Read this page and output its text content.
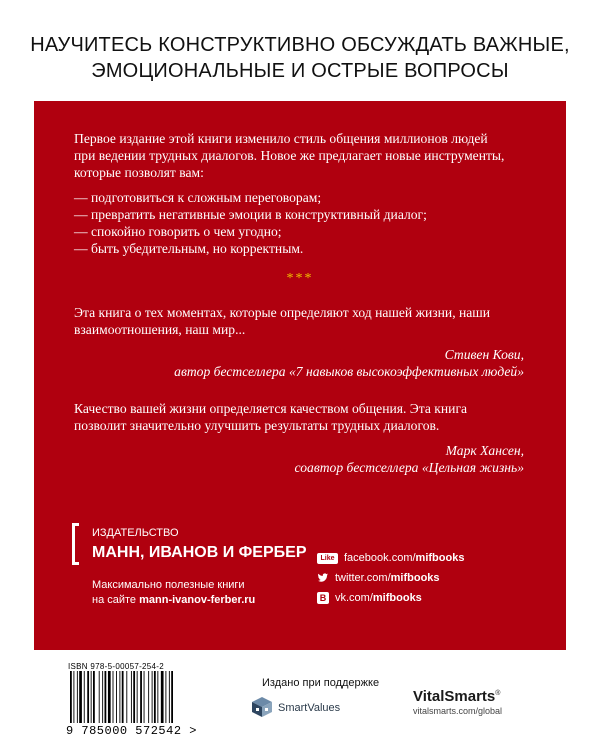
НАУЧИТЕСЬ КОНСТРУКТИВНО ОБСУЖДАТЬ ВАЖНЫЕ,
ЭМОЦИОНАЛЬНЫЕ И ОСТРЫЕ ВОПРОСЫ
Первое издание этой книги изменило стиль общения миллионов людей
при ведении трудных диалогов. Новое же предлагает новые инструменты,
которые позволят вам:
— подготовиться к сложным переговорам;
— превратить негативные эмоции в конструктивный диалог;
— спокойно говорить о чем угодно;
— быть убедительным, но корректным.
***
Эта книга о тех моментах, которые определяют ход нашей жизни, наши
взаимоотношения, наш мир...
Стивен Кови,
автор бестселлера «7 навыков высокоэффективных людей»
Качество вашей жизни определяется качеством общения. Эта книга
позволит значительно улучшить результаты трудных диалогов.
Марк Хансен,
соавтор бестселлера «Цельная жизнь»
издательство
МАНН, ИВАНОВ И ФЕРБЕР
Максимально полезные книги
на сайте mann-ivanov-ferber.ru
Like facebook.com/mifbooks
twitter.com/mifbooks
В vk.com/mifbooks
ISBN 978-5-00057-254-2
9 785000 572542 >
Издано при поддержке
SmartValues
VitalSmarts®
vitalsmarts.com/global
